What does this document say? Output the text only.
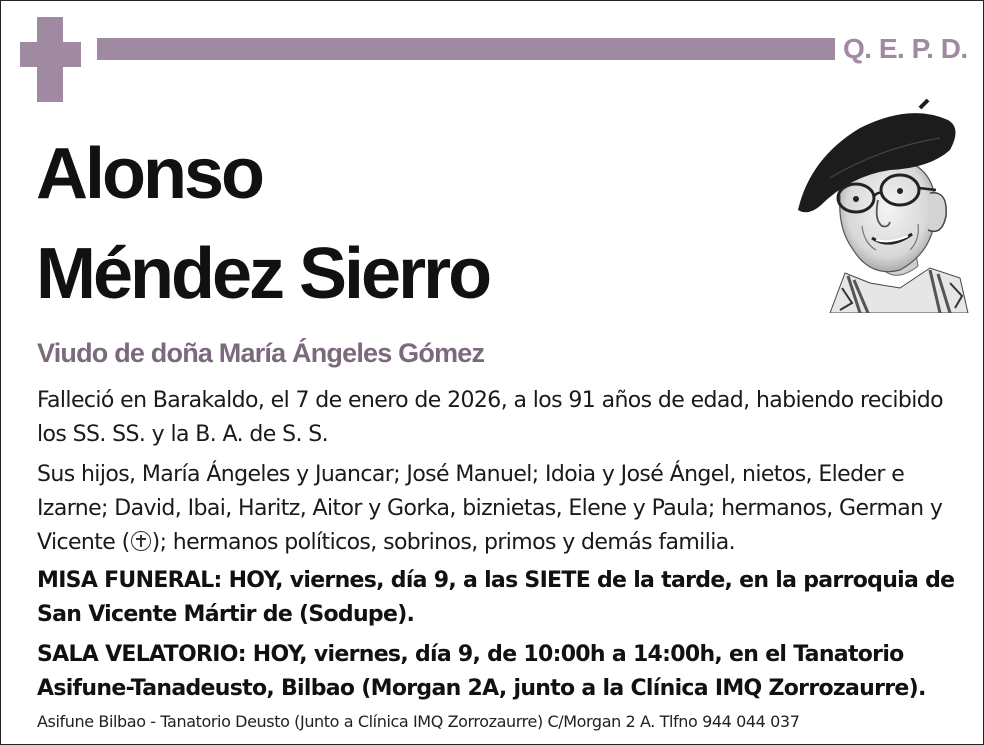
Q. E. P. D.
Alonso
Méndez Sierro
Viudo de doña María Ángeles Gómez

Falleció en Barakaldo, el 7 de enero de 2026, a los 91 años de edad, habiendo recibido los SS. SS. y la B. A. de S. S.

Sus hijos, María Ángeles y Juancar; José Manuel; Idoia y José Ángel, nietos, Eleder e Izarne; David, Ibai, Haritz, Aitor y Gorka, biznietas, Elene y Paula; hermanos, German y Vicente ( ); hermanos políticos, sobrinos, primos y demás familia.

MISA FUNERAL: HOY, viernes, día 9, a las SIETE de la tarde, en la parroquia de San Vicente Mártir de (Sodupe).

SALA VELATORIO: HOY, viernes, día 9, de 10:00h a 14:00h, en el Tanatorio Asifune-Tanadeusto, Bilbao (Morgan 2A, junto a la Clínica IMQ Zorrozaurre).

Asifune Bilbao - Tanatorio Deusto (Junto a Clínica IMQ Zorrozaurre) C/Morgan 2 A. Tlfno 944 044 037
